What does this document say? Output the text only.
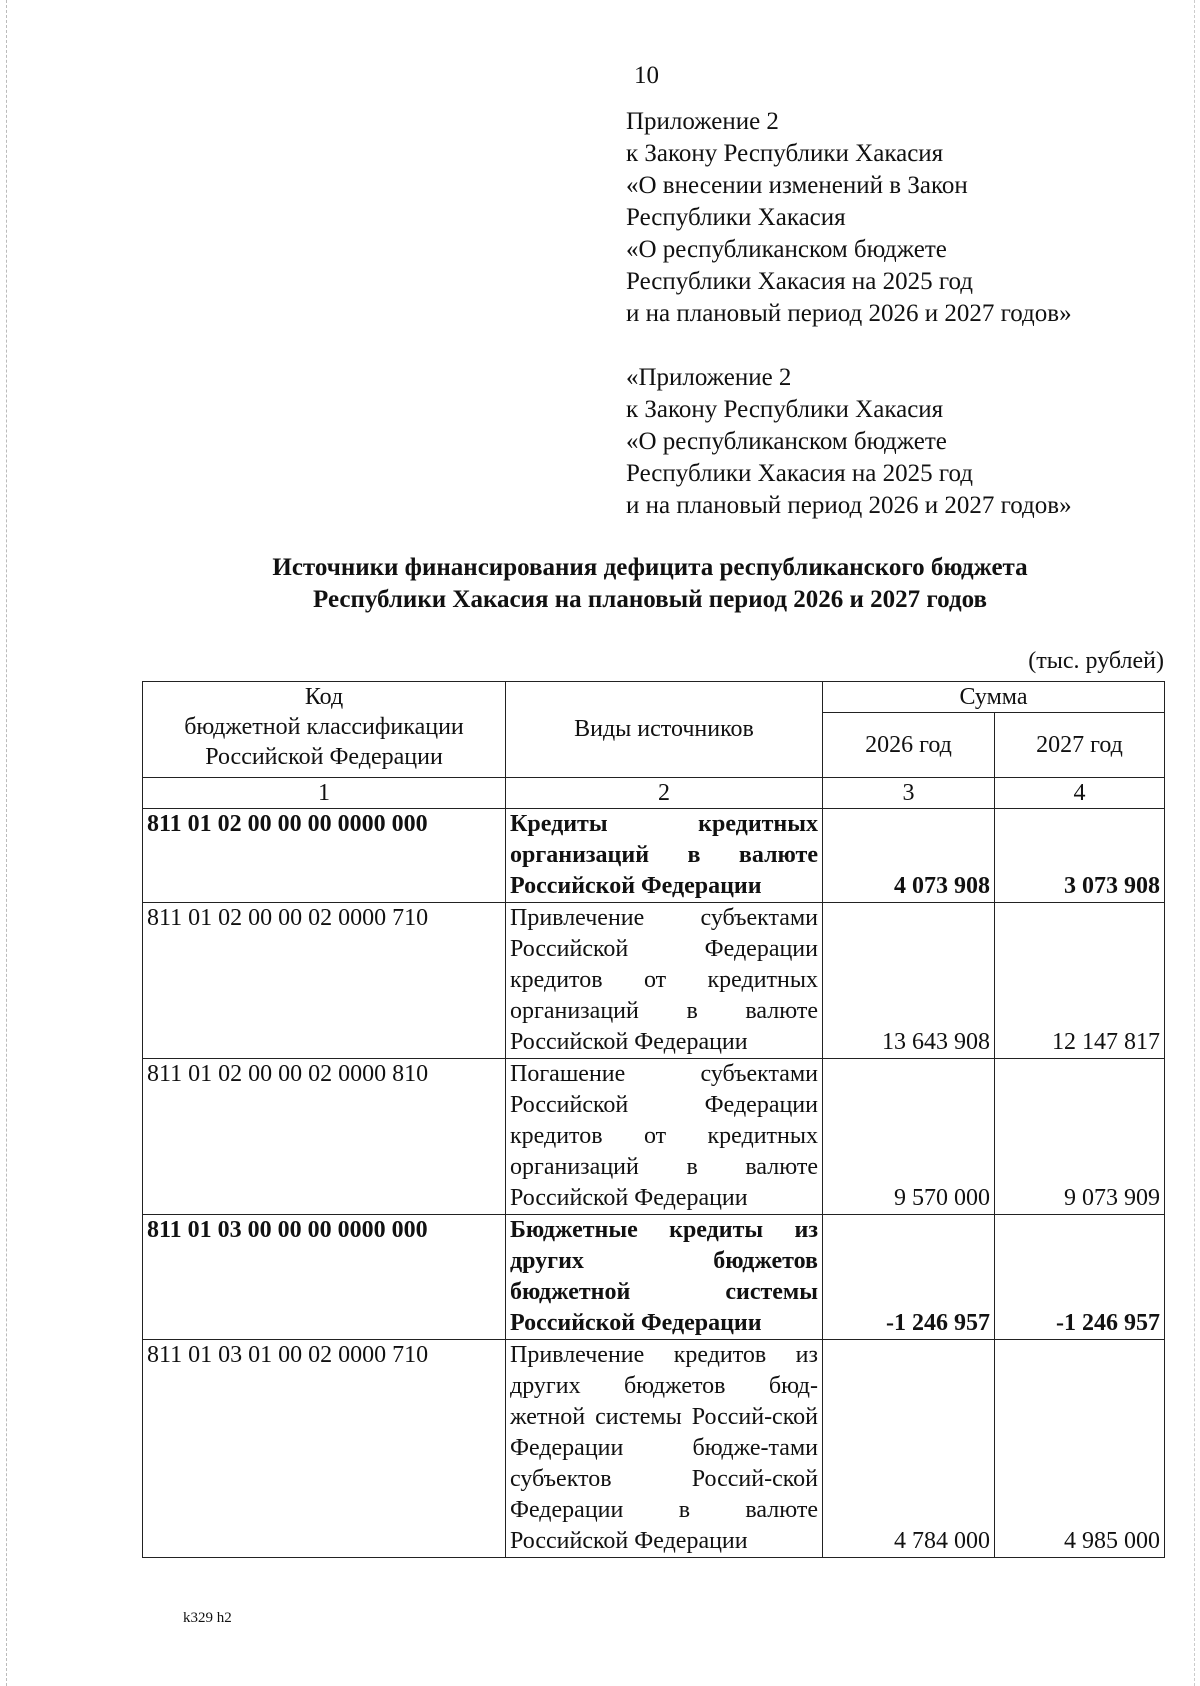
10
Приложение 2
к Закону Республики Хакасия
«О внесении изменений в Закон
Республики Хакасия
«О республиканском бюджете
Республики Хакасия на 2025 год
и на плановый период 2026 и 2027 годов»
«Приложение 2
к Закону Республики Хакасия
«О республиканском бюджете
Республики Хакасия на 2025 год
и на плановый период 2026 и 2027 годов»
Источники финансирования дефицита республиканского бюджета
Республики Хакасия на плановый период 2026 и 2027 годов
(тыс. рублей)
Код
бюджетной классификации
Российской Федерации	Виды источников	Сумма	
		2026 год	2027 год
1	2	3	4
811 01 02 00 00 00 0000 000	Кредиты кредитных организаций в валюте Российской Федерации	4 073 908	3 073 908
811 01 02 00 00 02 0000 710	Привлечение субъектами Российской Федерации кредитов от кредитных организаций в валюте Российской Федерации	13 643 908	12 147 817
811 01 02 00 00 02 0000 810	Погашение субъектами Российской Федерации кредитов от кредитных организаций в валюте Российской Федерации	9 570 000	9 073 909
811 01 03 00 00 00 0000 000	Бюджетные кредиты из других бюджетов бюджетной системы Российской Федерации	-1 246 957	-1 246 957
811 01 03 01 00 02 0000 710	Привлечение кредитов из других бюджетов бюд-жетной системы Россий-ской Федерации бюдже-тами субъектов Россий-ской Федерации в валюте Российской Федерации	4 784 000	4 985 000
k329 h2
